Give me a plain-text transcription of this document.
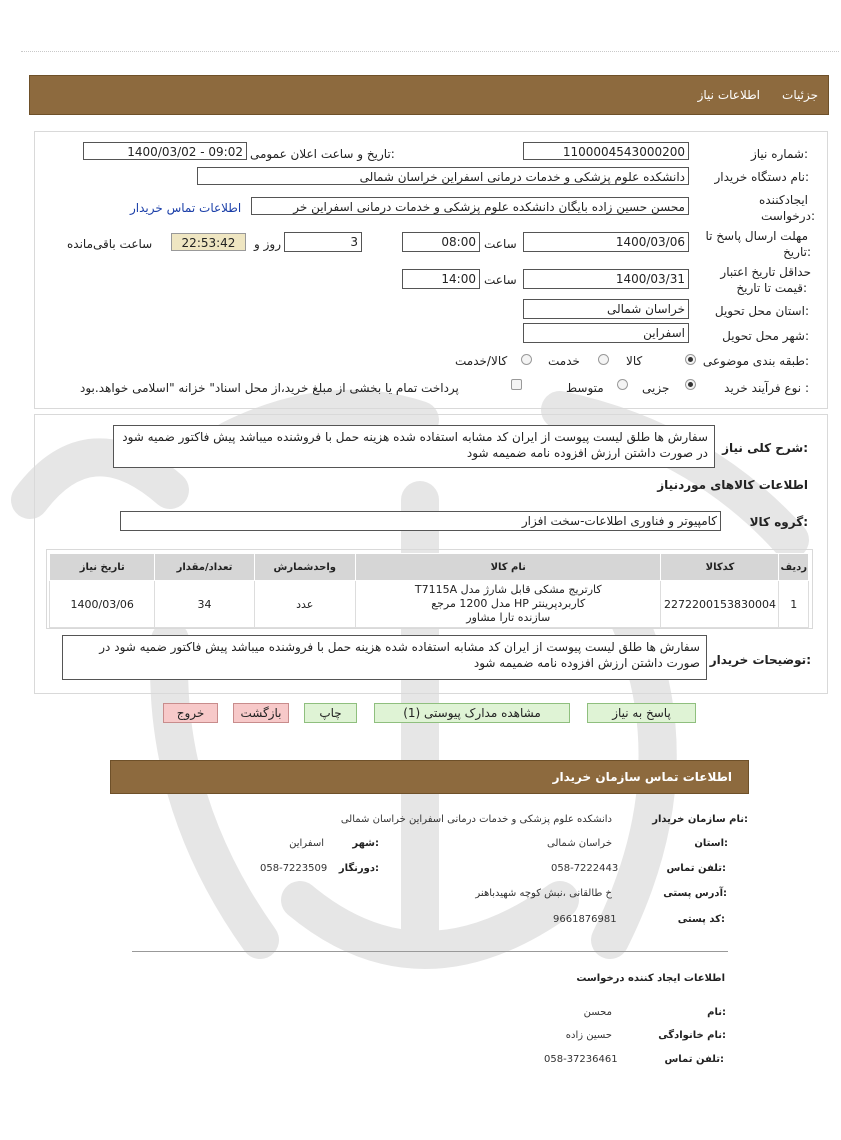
جزئیات
اطلاعات نیاز
شماره نیاز:
1100004543000200
تاریخ و ساعت اعلان عمومی:
1400/03/02 - 09:02
نام دستگاه خریدار:
دانشکده علوم پزشکی و خدمات درمانی اسفراین خراسان شمالی
ایجادکننده
درخواست:
محسن حسین زاده بایگان دانشکده علوم پزشکی و خدمات درمانی اسفراین خر
اطلاعات تماس خریدار
مهلت ارسال پاسخ تا
تاریخ:
1400/03/06
ساعت
08:00
3
روز و
22:53:42
ساعت باقی‌مانده
حداقل تاریخ اعتبار
قیمت تا تاریخ:
1400/03/31
ساعت
14:00
استان محل تحویل:
خراسان شمالی
شهر محل تحویل:
اسفراین
طبقه بندی موضوعی:
کالا
خدمت
کالا/خدمت
نوع فرآیند خرید :
جزیی
متوسط
پرداخت تمام یا بخشی از مبلغ خرید،از محل اسناد" خزانه "اسلامی خواهد.بود
شرح کلی نیاز:
سفارش ها طلق لیست پیوست از ایران کد مشابه استفاده شده هزینه حمل با فروشنده میباشد پیش فاکتور ضمیه شود در صورت داشتن ارزش افزوده نامه ضمیمه شود
اطلاعات کالاهای موردنیاز
گروه کالا:
کامپیوتر و فناوری اطلاعات-سخت افزار
ردیف	کدکالا	نام کالا	واحدشمارش	تعداد/مقدار	تاریخ نیاز
1	2272200153830004	کارتریج مشکی قابل شارژ مدل T7115A
کاربردپرینتر HP مدل 1200 مرجع
سازنده تارا مشاور	عدد	34	1400/03/06
توضیحات خریدار:
سفارش ها طلق لیست پیوست از ایران کد مشابه استفاده شده هزینه حمل با فروشنده میباشد پیش فاکتور ضمیه شود در صورت داشتن ارزش افزوده نامه ضمیمه شود
پاسخ به نیاز
مشاهده مدارک پیوستی (1)
چاپ
بازگشت
خروج
اطلاعات تماس سازمان خریدار
نام سازمان خریدار:
دانشکده علوم پزشکی و خدمات درمانی اسفراین خراسان شمالی
استان:
خراسان شمالی
شهر:
اسفراین
تلفن تماس:
058-7222443
دورنگار:
058-7223509
آدرس پستی:
خ طالقانی ،نبش کوچه شهیدباهنر
کد پستی:
9661876981
اطلاعات ایجاد کننده درخواست
نام:
محسن
نام خانوادگی:
حسین زاده
تلفن تماس:
058-37236461
